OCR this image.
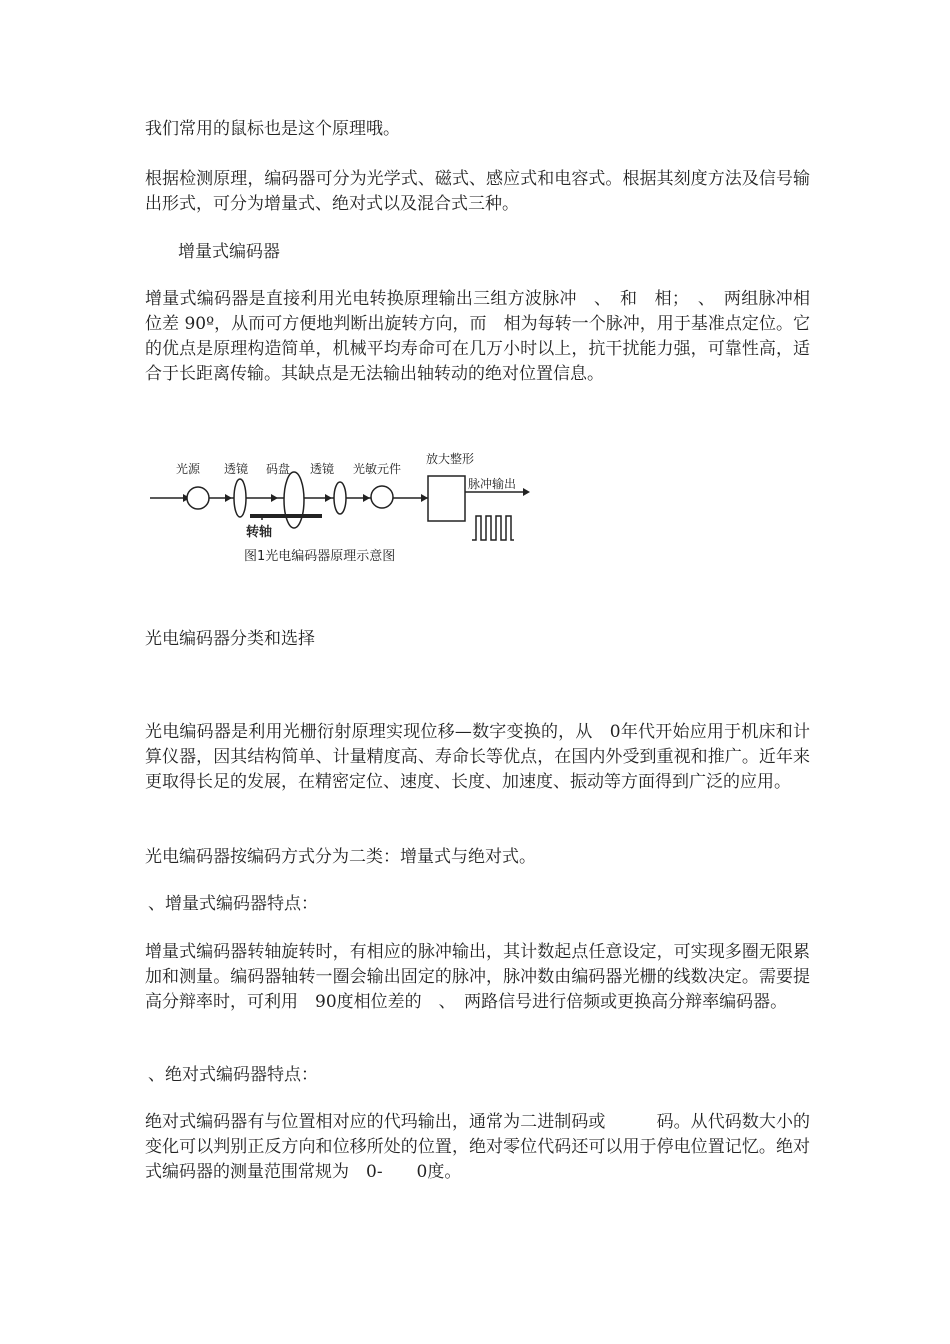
我们常用的鼠标也是这个原理哦。

根据检测原理，编码器可分为光学式、磁式、感应式和电容式。根据其刻度方法及信号输出形式，可分为增量式、绝对式以及混合式三种。

增量式编码器

增量式编码器是直接利用光电转换原理输出三组方波脉冲　、　和　相；　、　两组脉冲相位差 90º，从而可方便地判断出旋转方向，而　相为每转一个脉冲，用于基准点定位。它的优点是原理构造简单，机械平均寿命可在几万小时以上，抗干扰能力强，可靠性高，适合于长距离传输。其缺点是无法输出轴转动的绝对位置信息。

光源 透镜 码盘 透镜 光敏元件
放大整形
转轴
脉冲输出
图1光电编码器原理示意图

光电编码器分类和选择

光电编码器是利用光栅衍射原理实现位移—数字变换的，从　0年代开始应用于机床和计算仪器，因其结构简单、计量精度高、寿命长等优点，在国内外受到重视和推广。近年来更取得长足的发展，在精密定位、速度、长度、加速度、振动等方面得到广泛的应用。

光电编码器按编码方式分为二类：增量式与绝对式。

、增量式编码器特点：

增量式编码器转轴旋转时，有相应的脉冲输出，其计数起点任意设定，可实现多圈无限累加和测量。编码器轴转一圈会输出固定的脉冲，脉冲数由编码器光栅的线数决定。需要提高分辩率时，可利用　90度相位差的　、　两路信号进行倍频或更换高分辩率编码器。

、绝对式编码器特点：

绝对式编码器有与位置相对应的代玛输出，通常为二进制码或　　　码。从代码数大小的变化可以判别正反方向和位移所处的位置，绝对零位代码还可以用于停电位置记忆。绝对式编码器的测量范围常规为　0-　　0度。
